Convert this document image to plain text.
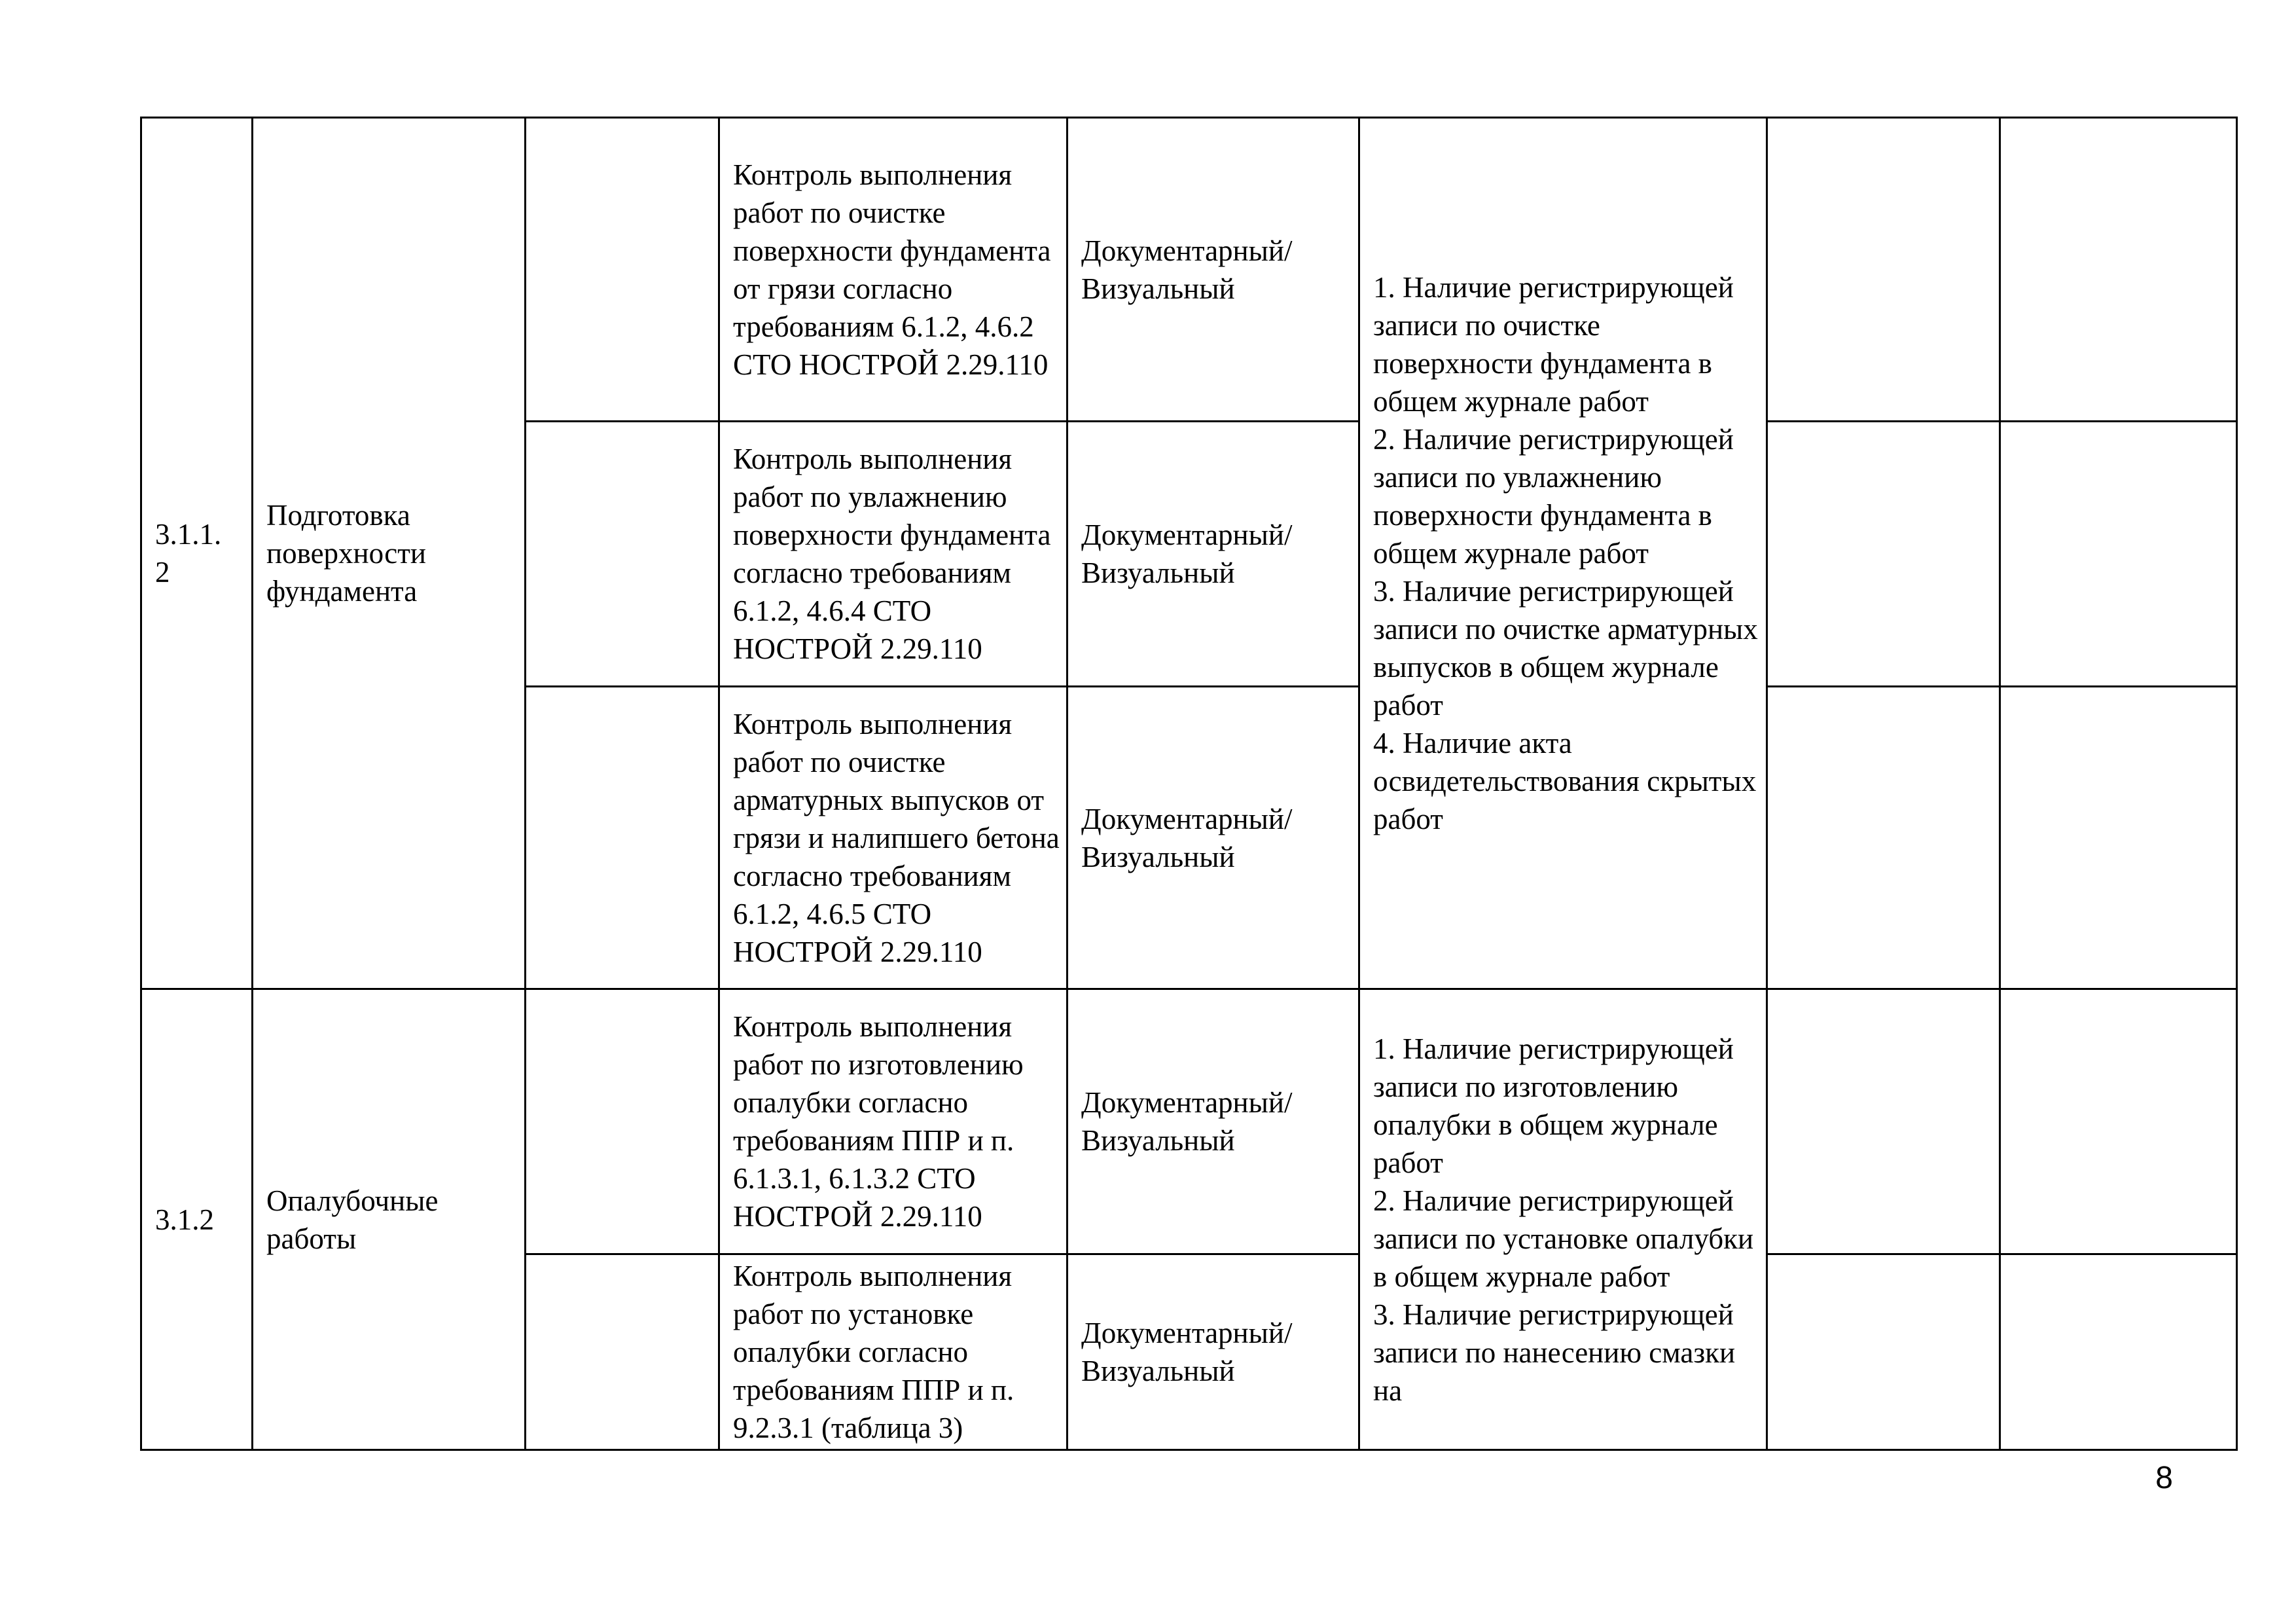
3.1.1.
2	Подготовка поверхности фундамента		Контроль выполнения работ по очистке поверхности фундамента от грязи согласно требованиям 6.1.2, 4.6.2 СТО НОСТРОЙ 2.29.110	Документарный/
Визуальный	1. Наличие регистрирующей записи по очистке поверхности фундамента в общем журнале работ
2. Наличие регистрирующей записи по увлажнению поверхности фундамента в общем журнале работ
3. Наличие регистрирующей записи по очистке арматурных выпусков в общем журнале работ
4. Наличие акта освидетельствования скрытых работ		
			Контроль выполнения работ по увлажнению поверхности фундамента согласно требованиям 6.1.2, 4.6.4 СТО НОСТРОЙ 2.29.110	Документарный/
Визуальный			
			Контроль выполнения работ по очистке арматурных выпусков от грязи и налипшего бетона согласно требованиям 6.1.2, 4.6.5 СТО НОСТРОЙ 2.29.110	Документарный/
Визуальный			
3.1.2	Опалубочные работы		Контроль выполнения работ по изготовлению опалубки согласно требованиям ППР и п. 6.1.3.1, 6.1.3.2 СТО НОСТРОЙ 2.29.110	Документарный/
Визуальный	1. Наличие регистрирующей записи по изготовлению опалубки в общем журнале работ
2. Наличие регистрирующей записи по установке опалубки в общем журнале работ
3. Наличие регистрирующей записи по нанесению смазки на		
			Контроль выполнения работ по установке опалубки согласно требованиям ППР и п. 9.2.3.1 (таблица 3)	Документарный/
Визуальный			
8
